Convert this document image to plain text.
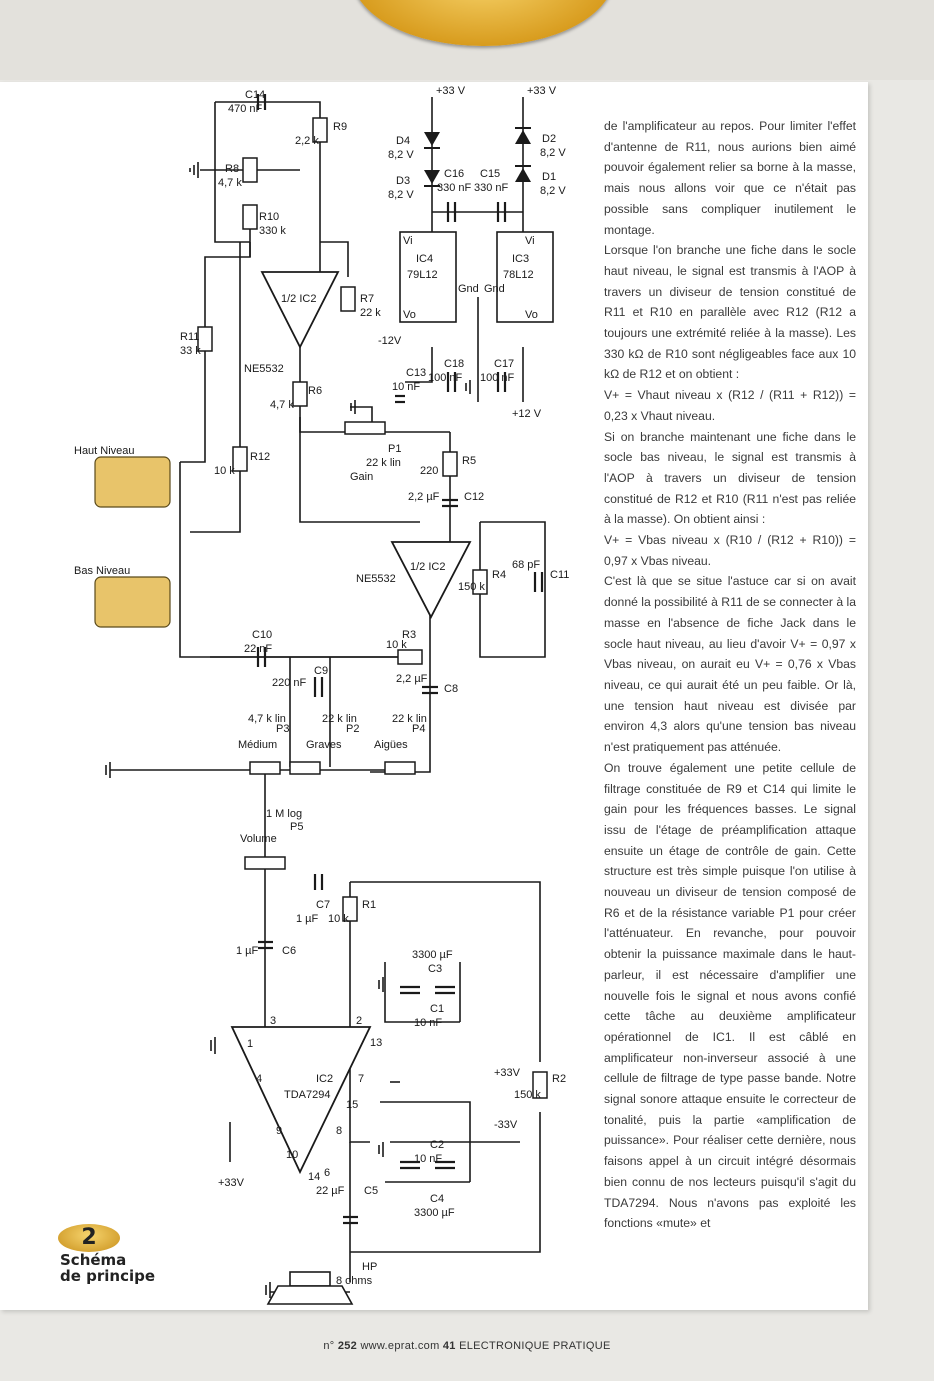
C14
470 nF
R9
2,2 k
R8
4,7 k
R10
330 k
1/2 IC2
NE5532
R7
22 k
R11
33 k
R6
4,7 k
R12
10 k
Haut Niveau
Bas Niveau
+33 V	+33 V
D4
8,2 V
D3
8,2 V
D2
8,2 V
D1
8,2 V
C16
330 nF
C15
330 nF
IC4
79L12
IC3
78L12
Vi
Vo
Gnd
Vi
Vo
Gnd
-12V
C13
10 nF
C18
100 nF
C17
100 nF
+12 V
P1
22 k lin
Gain
R5
220
C12
2,2 µF
1/2 IC2
NE5532	R4
150 k
C11
68 pF
C10
22 nF
R3
10 k
C8
2,2 µF
C9
220 nF
P3
4,7 k lin
Médium
P2
22 k lin
Graves
P4
22 k lin
Aigües
P5
1 M log
Volume
C7
1 µF
R1
10 k
C6
1 µF
C3
3300 µF
C1
10 nF
IC2
TDA7294
+33V
-33V
+33V
R2
150 k
C2
10 nF
C4
3300 µF
C5
22 µF
HP
8 ohms
1
2
3
4
6
7
8
9
10
13
14
15

de l'amplificateur au repos. Pour limiter l'effet d'antenne de R11, nous aurions bien aimé pouvoir également relier sa borne à la masse, mais nous allons voir que ce n'était pas possible sans compliquer inutilement le montage.

Lorsque l'on branche une fiche dans le socle haut niveau, le signal est transmis à l'AOP à travers un diviseur de tension constitué de R11 et R10 en parallèle avec R12 (R12 a toujours une extrémité reliée à la masse). Les 330 kΩ de R10 sont négligeables face aux 10 kΩ de R12 et on obtient :

V+ = Vhaut niveau x (R12 / (R11 + R12)) = 0,23 x Vhaut niveau.

Si on branche maintenant une fiche dans le socle bas niveau, le signal est transmis à l'AOP à travers un diviseur de tension constitué de R12 et R10 (R11 n'est pas reliée à la masse). On obtient ainsi :

V+ = Vbas niveau x (R10 / (R12 + R10)) = 0,97 x Vbas niveau.

C'est là que se situe l'astuce car si on avait donné la possibilité à R11 de se connecter à la masse en l'absence de fiche Jack dans le socle haut niveau, au lieu d'avoir V+ = 0,97 x Vbas niveau, on aurait eu V+ = 0,76 x Vbas niveau, ce qui aurait été un peu faible. Or là, une tension haut niveau est divisée par environ 4,3 alors qu'une tension bas niveau n'est pratiquement pas atténuée.

On trouve également une petite cellule de filtrage constituée de R9 et C14 qui limite le gain pour les fréquences basses. Le signal issu de l'étage de préamplification attaque ensuite un étage de contrôle de gain. Cette structure est très simple puisque l'on utilise à nouveau un diviseur de tension composé de R6 et de la résistance variable P1 pour créer l'atténuateur. En revanche, pour pouvoir obtenir la puissance maximale dans le haut-parleur, il est nécessaire d'amplifier une nouvelle fois le signal et nous avons confié cette tâche au deuxième amplificateur opérationnel de IC1. Il est câblé en amplificateur non-inverseur associé à une cellule de filtrage de type passe bande. Notre signal sonore attaque ensuite le correcteur de tonalité, puis la partie «amplification de puissance». Pour réaliser cette dernière, nous faisons appel à un circuit intégré désormais bien connu de nos lecteurs puisqu'il s'agit du TDA7294. Nous n'avons pas exploité les fonctions «mute» et

2
Schéma
de principe
n° 252 www.eprat.com 41 ELECTRONIQUE PRATIQUE
